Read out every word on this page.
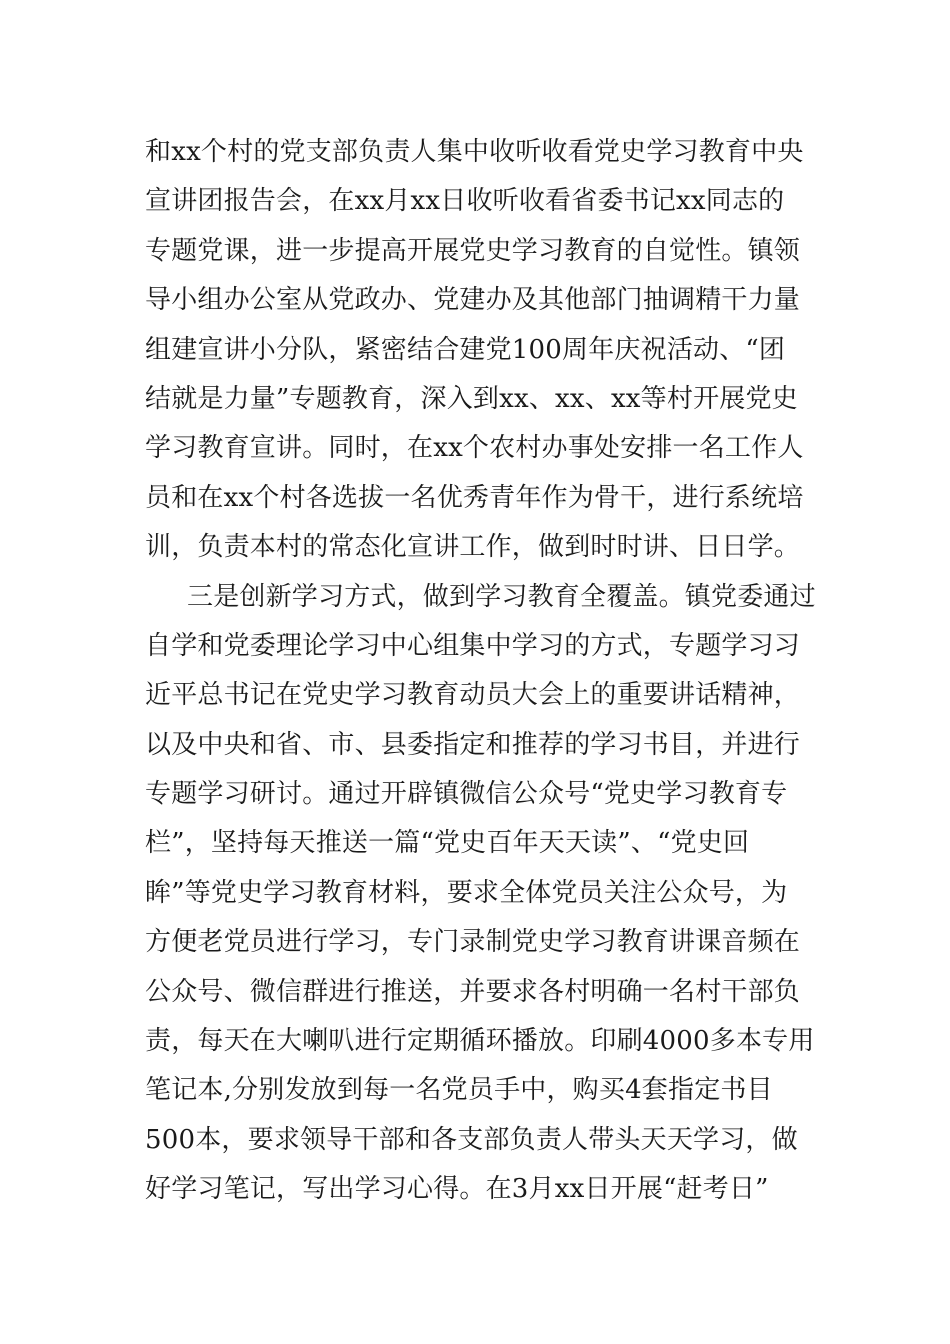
和xx个村的党支部负责人集中收听收看党史学习教育中央
宣讲团报告会，在xx月xx日收听收看省委书记xx同志的
专题党课，进一步提高开展党史学习教育的自觉性。镇领
导小组办公室从党政办、党建办及其他部门抽调精干力量
组建宣讲小分队，紧密结合建党100周年庆祝活动、“团
结就是力量”专题教育，深入到xx、xx、xx等村开展党史
学习教育宣讲。同时，在xx个农村办事处安排一名工作人
员和在xx个村各选拔一名优秀青年作为骨干，进行系统培
训，负责本村的常态化宣讲工作，做到时时讲、日日学。
三是创新学习方式，做到学习教育全覆盖。镇党委通过
自学和党委理论学习中心组集中学习的方式，专题学习习
近平总书记在党史学习教育动员大会上的重要讲话精神，
以及中央和省、市、县委指定和推荐的学习书目，并进行
专题学习研讨。通过开辟镇微信公众号“党史学习教育专
栏”，坚持每天推送一篇“党史百年天天读”、“党史回
眸”等党史学习教育材料，要求全体党员关注公众号，为
方便老党员进行学习，专门录制党史学习教育讲课音频在
公众号、微信群进行推送，并要求各村明确一名村干部负
责，每天在大喇叭进行定期循环播放。印刷4000多本专用
笔记本,分别发放到每一名党员手中，购买4套指定书目
500本，要求领导干部和各支部负责人带头天天学习，做
好学习笔记，写出学习心得。在3月xx日开展“赶考日”
